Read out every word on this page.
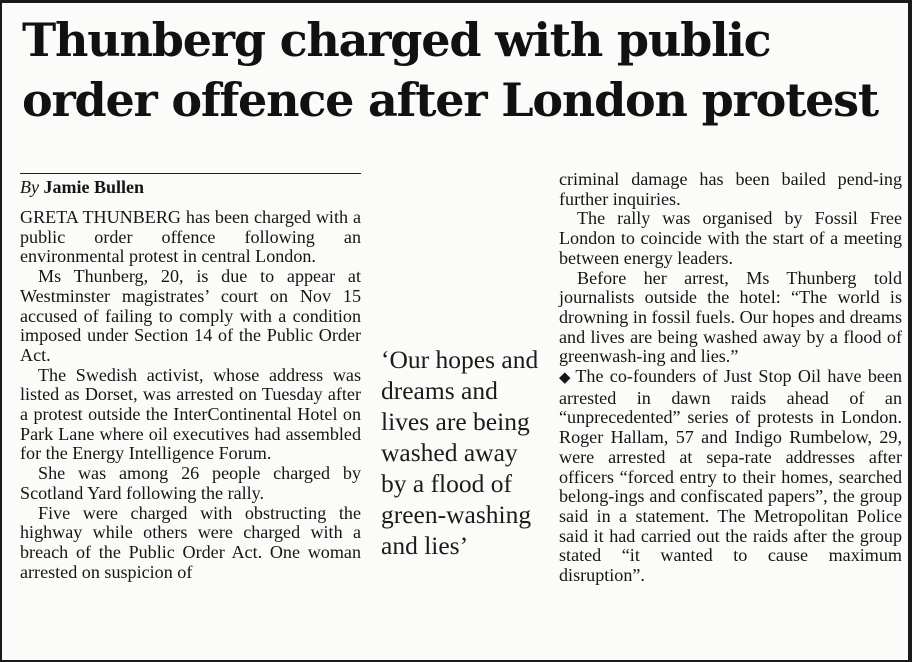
Thunberg charged with public order offence after London protest
By Jamie Bullen

GRETA THUNBERG has been charged with a public order offence following an environmental protest in central London.

Ms Thunberg, 20, is due to appear at Westminster magistrates’ court on Nov 15 accused of failing to comply with a condition imposed under Section 14 of the Public Order Act.

The Swedish activist, whose address was listed as Dorset, was arrested on Tuesday after a protest outside the InterContinental Hotel on Park Lane where oil executives had assembled for the Energy Intelligence Forum.

She was among 26 people charged by Scotland Yard following the rally.

Five were charged with obstructing the highway while others were charged with a breach of the Public Order Act. One woman arrested on suspicion of

‘Our hopes and dreams and lives are being washed away by a flood of green-washing and lies’

criminal damage has been bailed pend-ing further inquiries.

The rally was organised by Fossil Free London to coincide with the start of a meeting between energy leaders.

Before her arrest, Ms Thunberg told journalists outside the hotel: “The world is drowning in fossil fuels. Our hopes and dreams and lives are being washed away by a flood of greenwash-ing and lies.”

◆ The co-founders of Just Stop Oil have been arrested in dawn raids ahead of an “unprecedented” series of protests in London. Roger Hallam, 57 and Indigo Rumbelow, 29, were arrested at sepa-rate addresses after officers “forced entry to their homes, searched belong-ings and confiscated papers”, the group said in a statement. The Metropolitan Police said it had carried out the raids after the group stated “it wanted to cause maximum disruption”.
